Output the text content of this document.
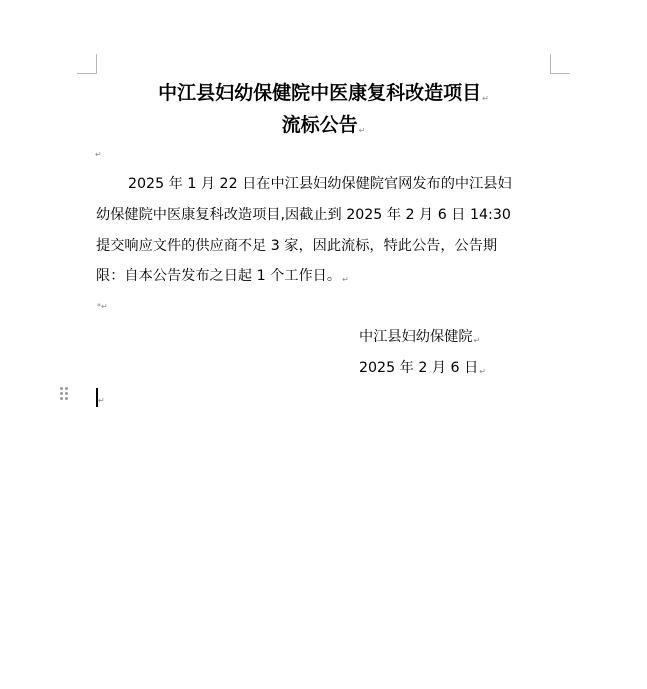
中江县妇幼保健院中医康复科改造项目↵
流标公告↵
↵
2025 年 1 月 22 日在中江县妇幼保健院官网发布的中江县妇
幼保健院中医康复科改造项目,因截止到 2025 年 2 月 6 日 14:30
提交响应文件的供应商不足 3 家，因此流标，特此公告，公告期
限：自本公告发布之日起 1 个工作日。↵
*↵
中江县妇幼保健院↵
2025 年 2 月 6 日↵
↵
